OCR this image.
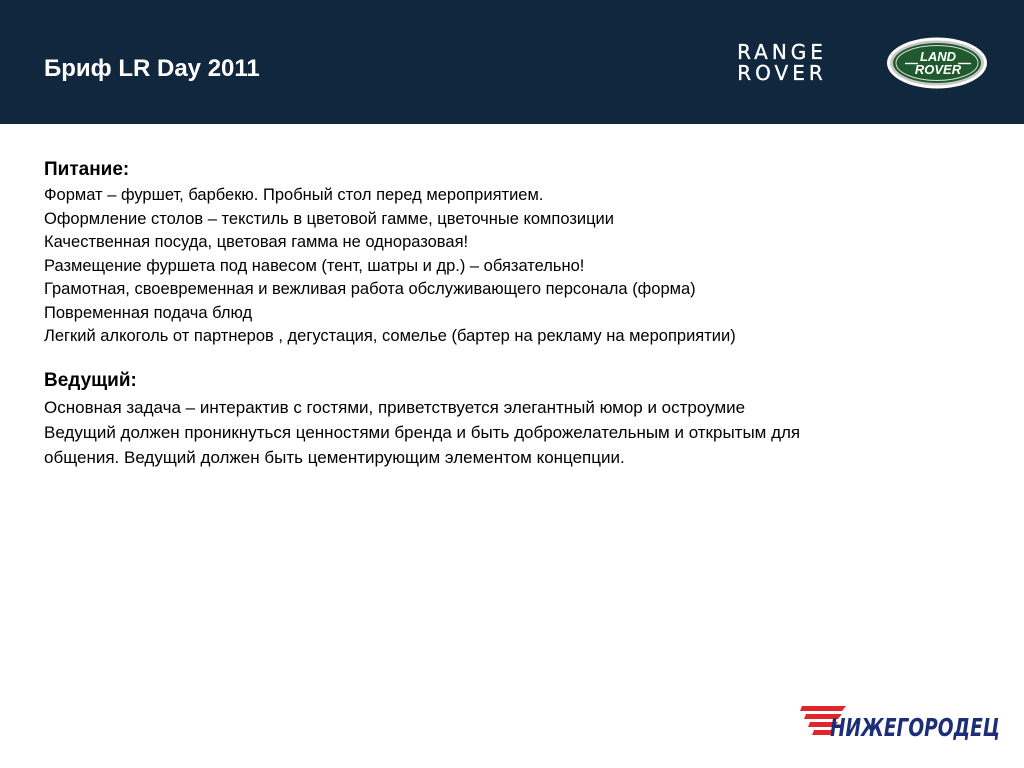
Бриф LR Day 2011
RANGE
ROVER
LAND
ROVER
Питание:
Формат – фуршет, барбекю. Пробный стол перед мероприятием.
Оформление столов – текстиль в цветовой гамме, цветочные композиции
Качественная посуда, цветовая гамма не одноразовая!
Размещение фуршета под навесом (тент, шатры и др.) – обязательно!
Грамотная, своевременная и вежливая работа обслуживающего персонала (форма)
Повременная подача блюд
Легкий алкоголь от партнеров , дегустация, сомелье (бартер на рекламу на мероприятии)
Ведущий:
Основная задача – интерактив с гостями, приветствуется элегантный юмор и остроумие
Ведущий должен проникнуться ценностями бренда и быть доброжелательным и открытым для
общения. Ведущий должен быть цементирующим элементом концепции.
НИЖЕГОРОДЕЦ
